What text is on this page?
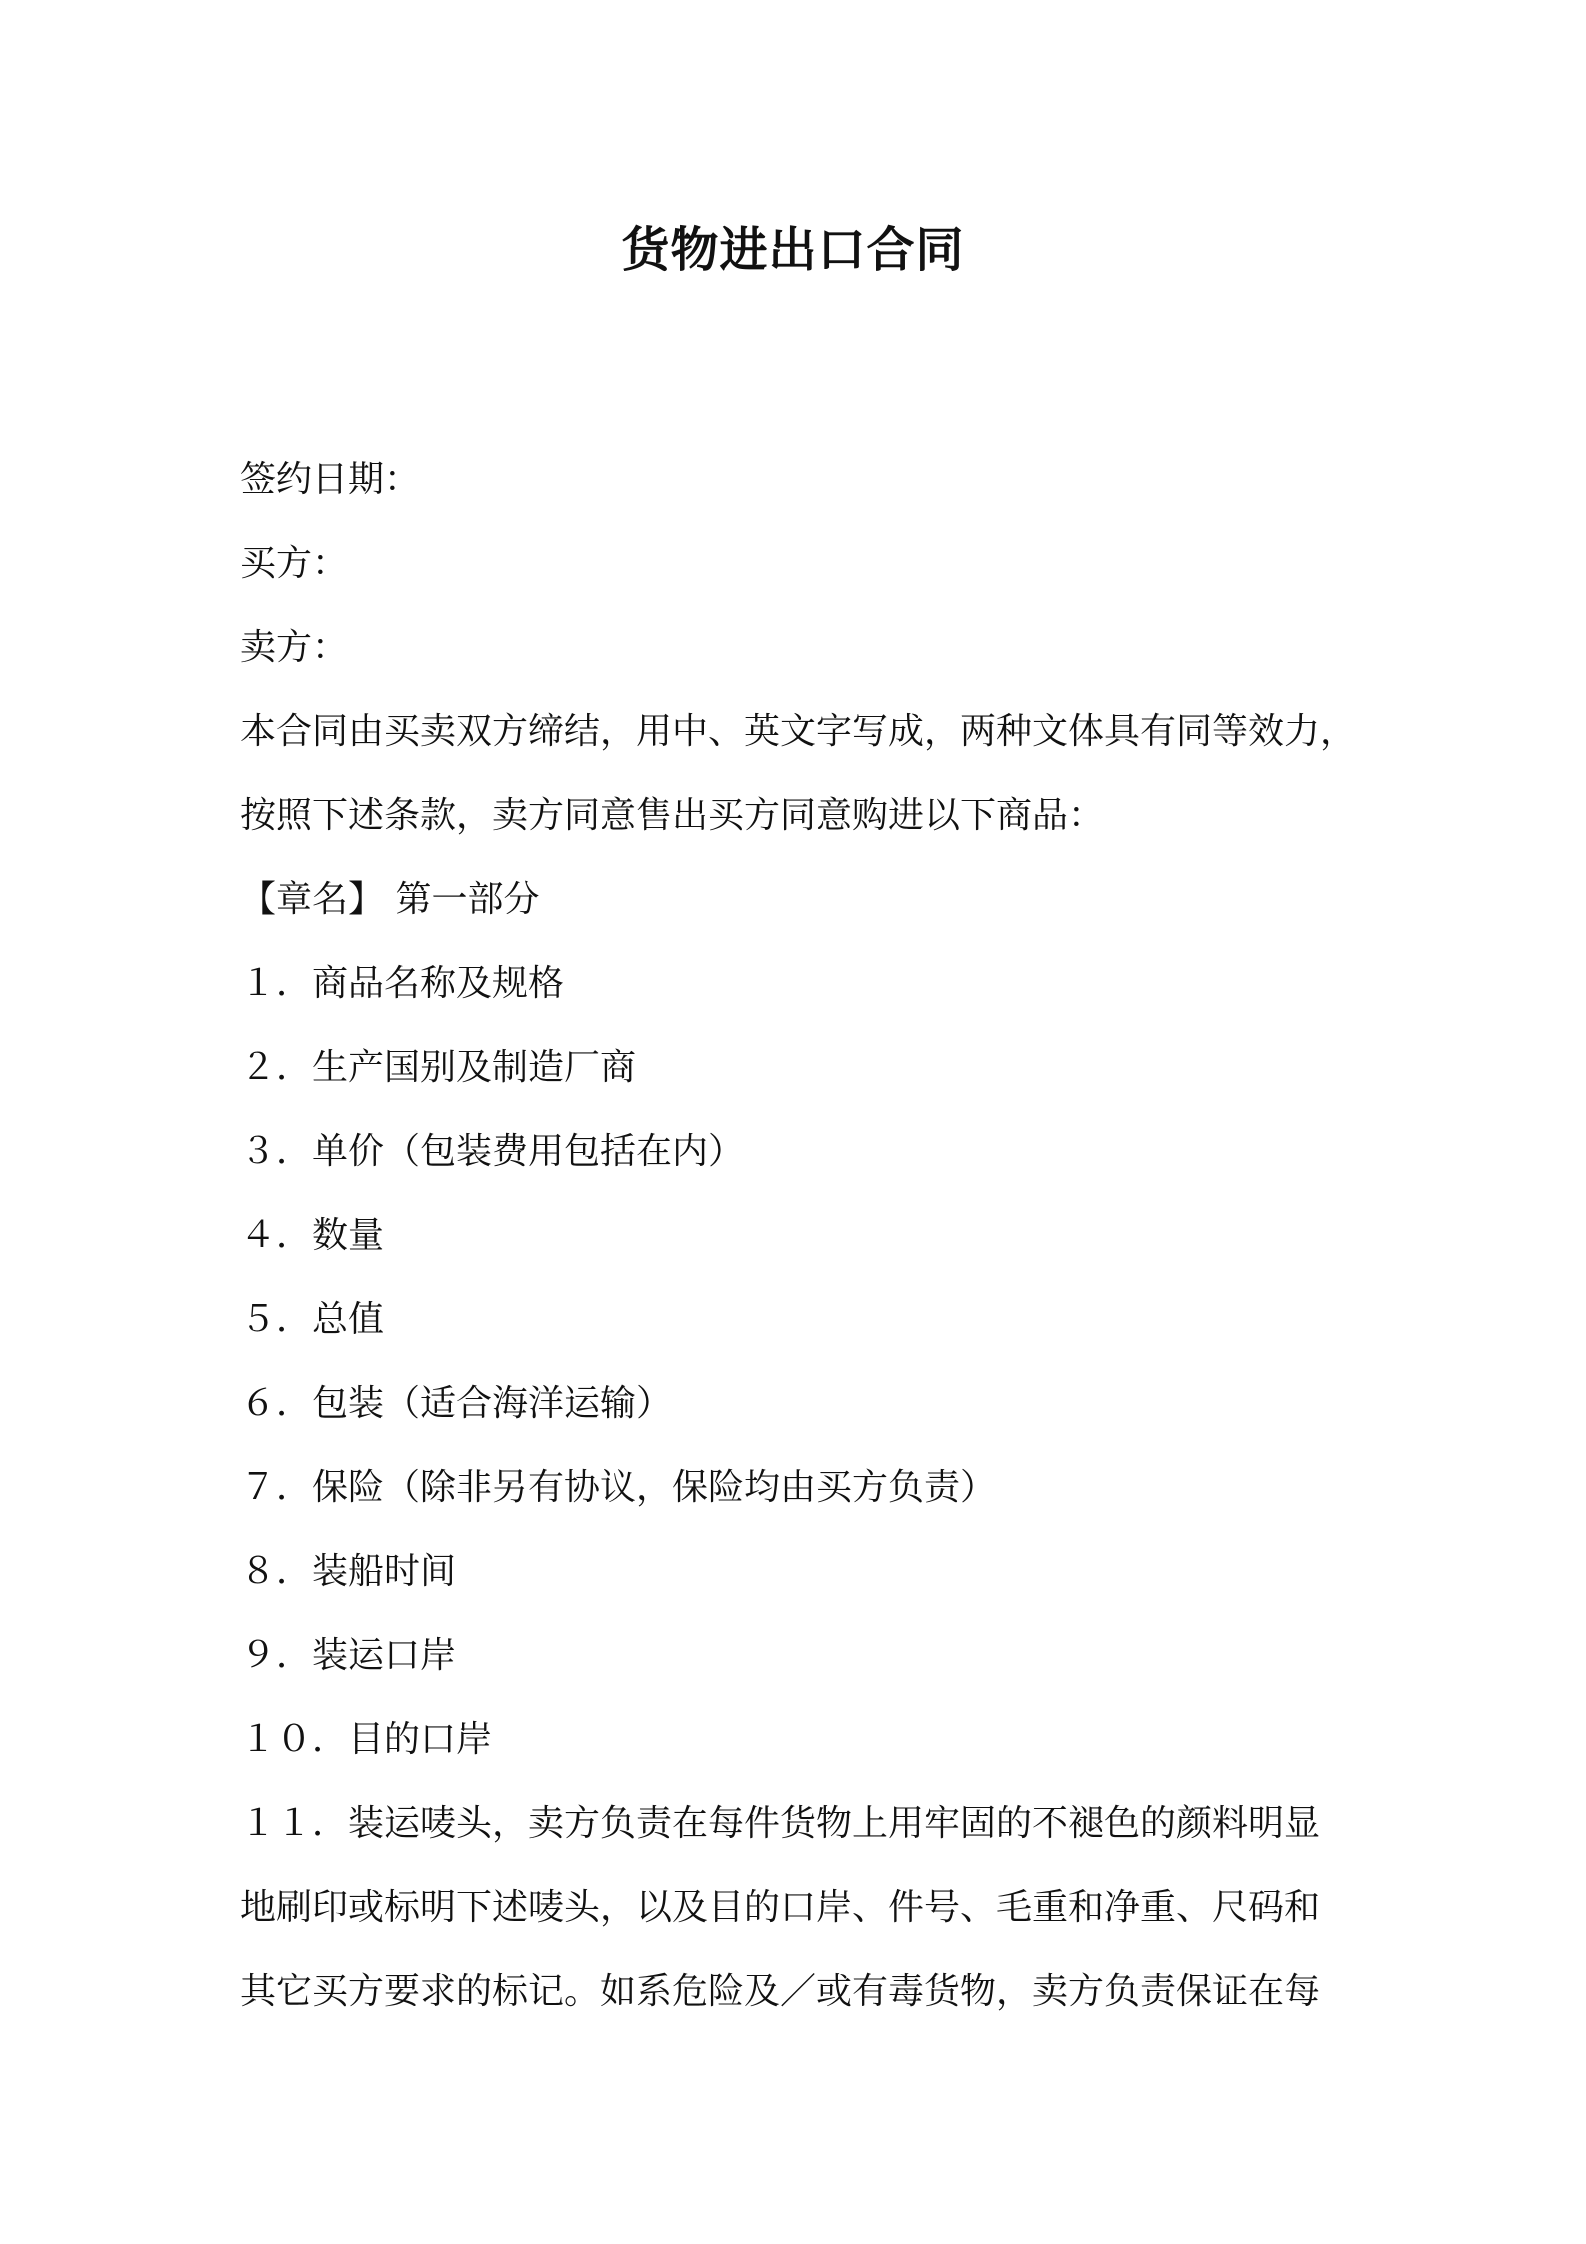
货物进出口合同
签约日期：
买方：
卖方：
本合同由买卖双方缔结，用中、英文字写成，两种文体具有同等效力，
按照下述条款，卖方同意售出买方同意购进以下商品：
【章名】 第一部分
１．商品名称及规格
２．生产国别及制造厂商
３．单价（包装费用包括在内）
４．数量
５．总值
６．包装（适合海洋运输）
７．保险（除非另有协议，保险均由买方负责）
８．装船时间
９．装运口岸
１０．目的口岸
１１．装运唛头，卖方负责在每件货物上用牢固的不褪色的颜料明显
地刷印或标明下述唛头，以及目的口岸、件号、毛重和净重、尺码和
其它买方要求的标记。如系危险及／或有毒货物，卖方负责保证在每
